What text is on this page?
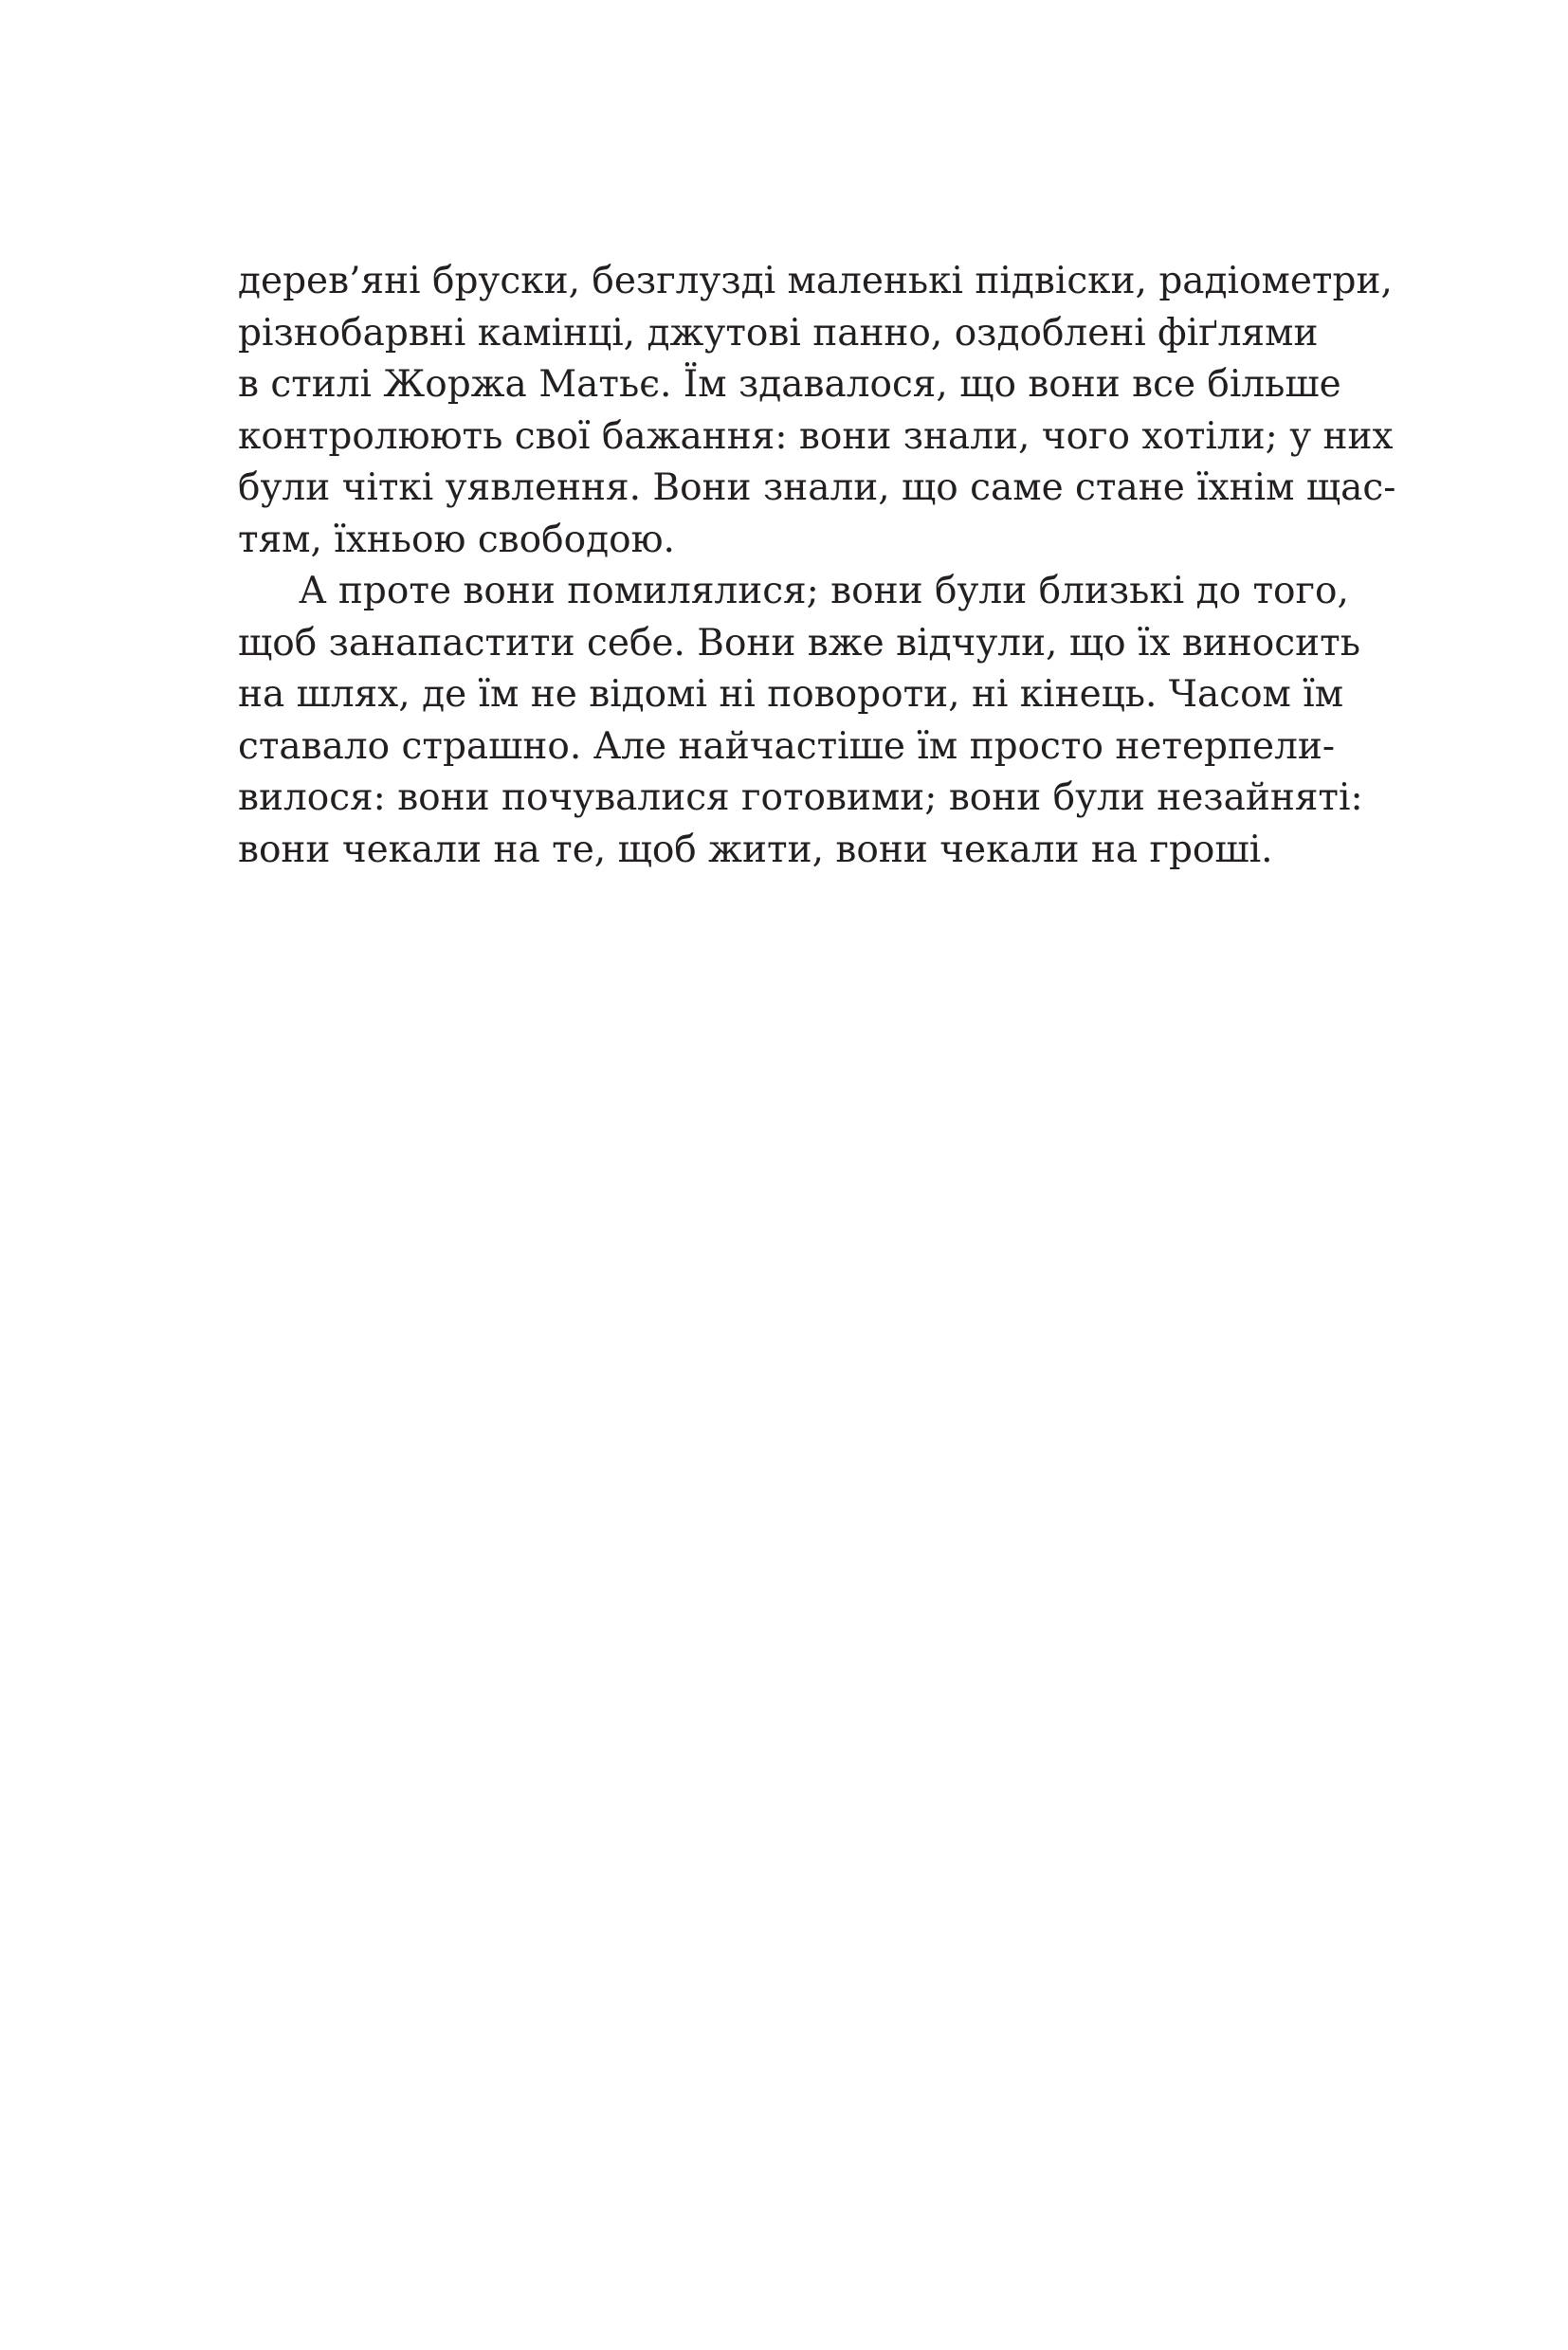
дерев’яні бруски, безглузді маленькі підвіски, радіометри,
різнобарвні камінці, джутові панно, оздоблені фіґлями
в стилі Жоржа Матьє. Їм здавалося, що вони все більше
контролюють свої бажання: вони знали, чого хотіли; у них
були чіткі уявлення. Вони знали, що саме стане їхнім щас-
тям, їхньою свободою.
А проте вони помилялися; вони були близькі до того,
щоб занапастити себе. Вони вже відчули, що їх виносить
на шлях, де їм не відомі ні повороти, ні кінець. Часом їм
ставало страшно. Але найчастіше їм просто нетерпели-
вилося: вони почувалися готовими; вони були незайняті:
вони чекали на те, щоб жити, вони чекали на гроші.
